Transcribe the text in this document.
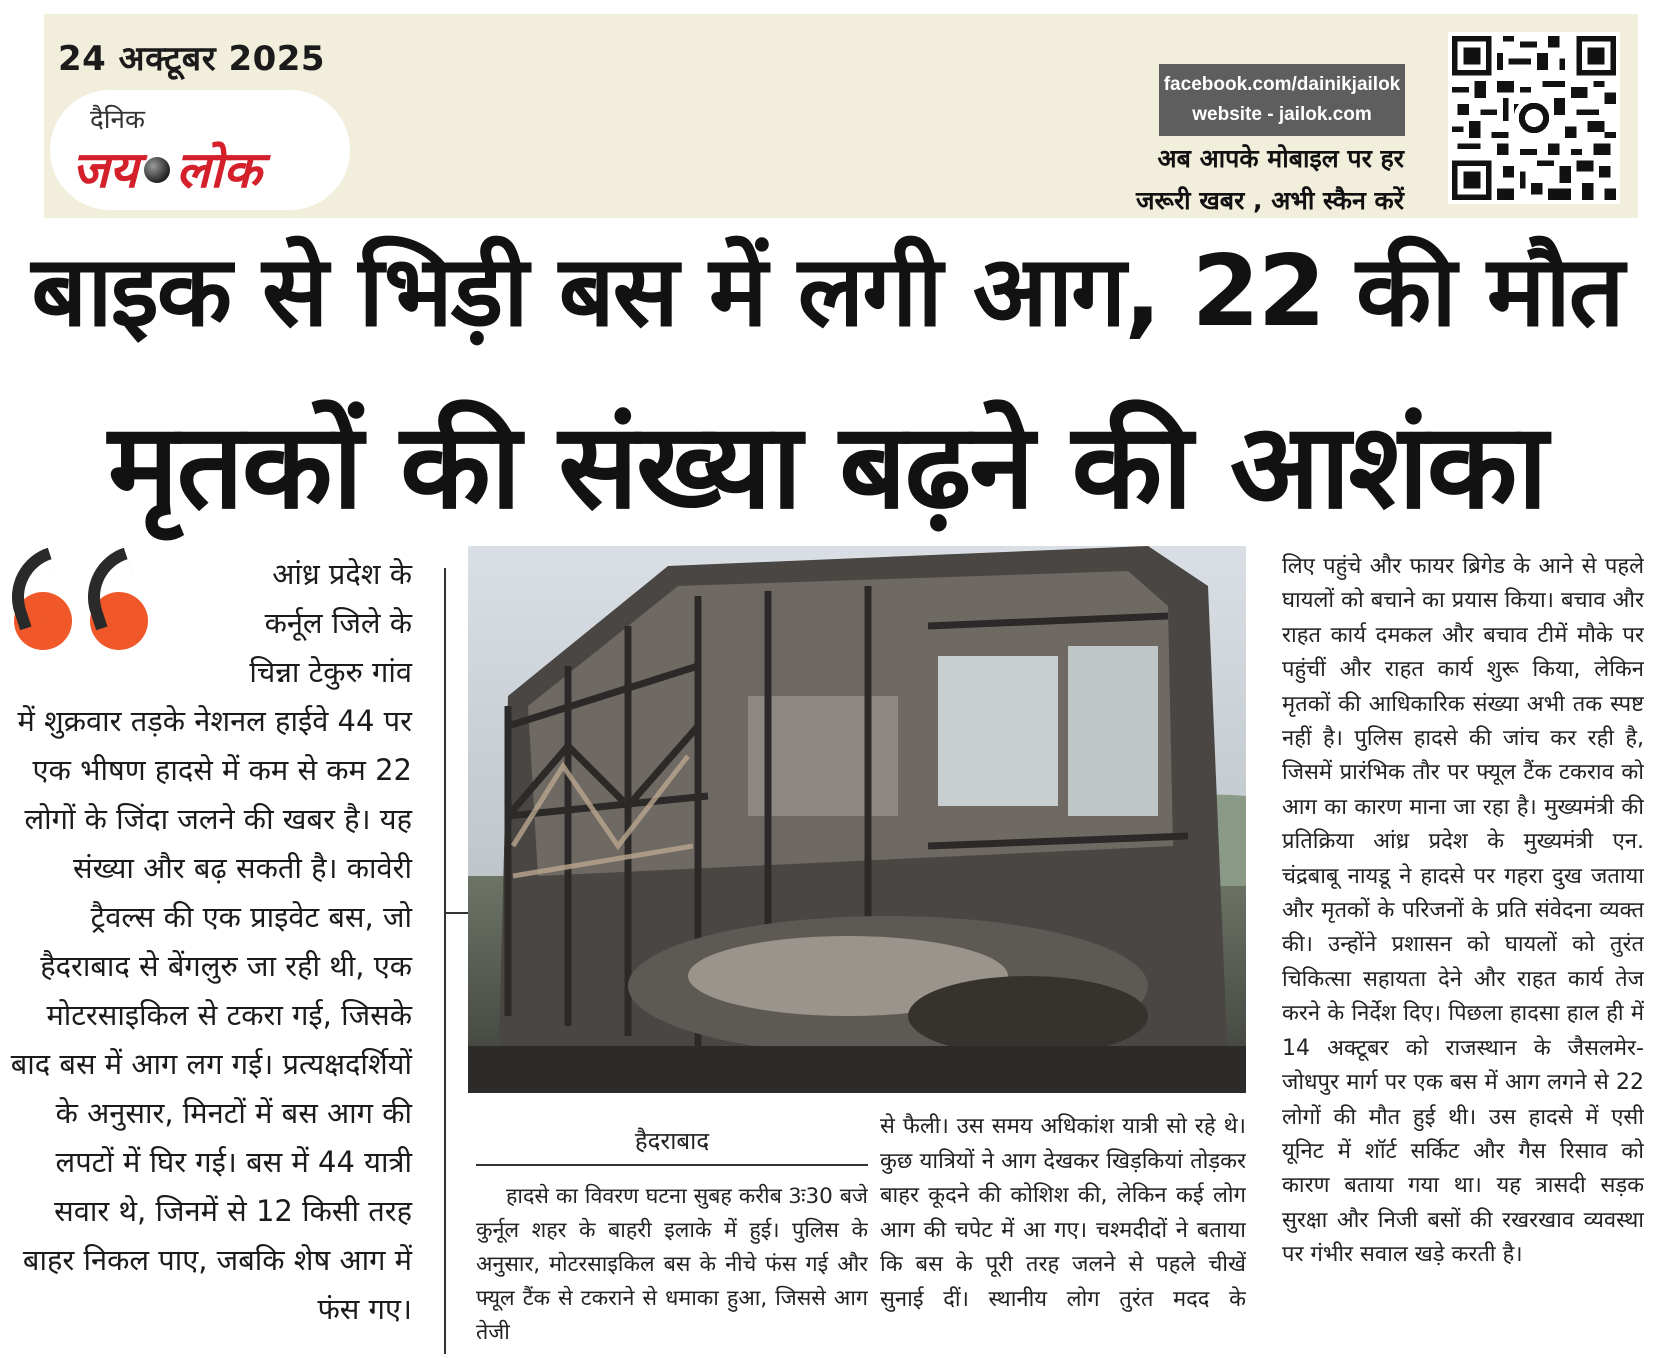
24 अक्टूबर 2025
दैनिक
जय लोक
facebook.com/dainikjailok
website - jailok.com
अब आपके मोबाइल पर हर
जरूरी खबर , अभी स्कैन करें
बाइक से भिड़ी बस में लगी आग, 22 की मौत
मृतकों की संख्या बढ़ने की आशंका
आंध्र प्रदेश के
कर्नूल जिले के
चिन्ना टेकुरु गांव
में शुक्रवार तड़के नेशनल हाईवे 44 पर एक भीषण हादसे में कम से कम 22 लोगों के जिंदा जलने की खबर है। यह संख्या और बढ़ सकती है। कावेरी ट्रैवल्स की एक प्राइवेट बस, जो हैदराबाद से बेंगलुरु जा रही थी, एक मोटरसाइकिल से टकरा गई, जिसके बाद बस में आग लग गई। प्रत्यक्षदर्शियों के अनुसार, मिनटों में बस आग की लपटों में घिर गई। बस में 44 यात्री सवार थे, जिनमें से 12 किसी तरह बाहर निकल पाए, जबकि शेष आग में फंस गए।
हैदराबाद
हादसे का विवरण घटना सुबह करीब 3ः30 बजे कुर्नूल शहर के बाहरी इलाके में हुई। पुलिस के अनुसार, मोटरसाइकिल बस के नीचे फंस गई और फ्यूल टैंक से टकराने से धमाका हुआ, जिससे आग तेजी
से फैली। उस समय अधिकांश यात्री सो रहे थे। कुछ यात्रियों ने आग देखकर खिड़कियां तोड़कर बाहर कूदने की कोशिश की, लेकिन कई लोग आग की चपेट में आ गए। चश्मदीदों ने बताया कि बस के पूरी तरह जलने से पहले चीखें सुनाई दीं। स्थानीय लोग तुरंत मदद के
लिए पहुंचे और फायर ब्रिगेड के आने से पहले घायलों को बचाने का प्रयास किया। बचाव और राहत कार्य दमकल और बचाव टीमें मौके पर पहुंचीं और राहत कार्य शुरू किया, लेकिन मृतकों की आधिकारिक संख्या अभी तक स्पष्ट नहीं है। पुलिस हादसे की जांच कर रही है, जिसमें प्रारंभिक तौर पर फ्यूल टैंक टकराव को आग का कारण माना जा रहा है। मुख्यमंत्री की प्रतिक्रिया आंध्र प्रदेश के मुख्यमंत्री एन. चंद्रबाबू नायडू ने हादसे पर गहरा दुख जताया और मृतकों के परिजनों के प्रति संवेदना व्यक्त की। उन्होंने प्रशासन को घायलों को तुरंत चिकित्सा सहायता देने और राहत कार्य तेज करने के निर्देश दिए। पिछला हादसा हाल ही में 14 अक्टूबर को राजस्थान के जैसलमेर-जोधपुर मार्ग पर एक बस में आग लगने से 22 लोगों की मौत हुई थी। उस हादसे में एसी यूनिट में शॉर्ट सर्किट और गैस रिसाव को कारण बताया गया था। यह त्रासदी सड़क सुरक्षा और निजी बसों की रखरखाव व्यवस्था पर गंभीर सवाल खड़े करती है।
